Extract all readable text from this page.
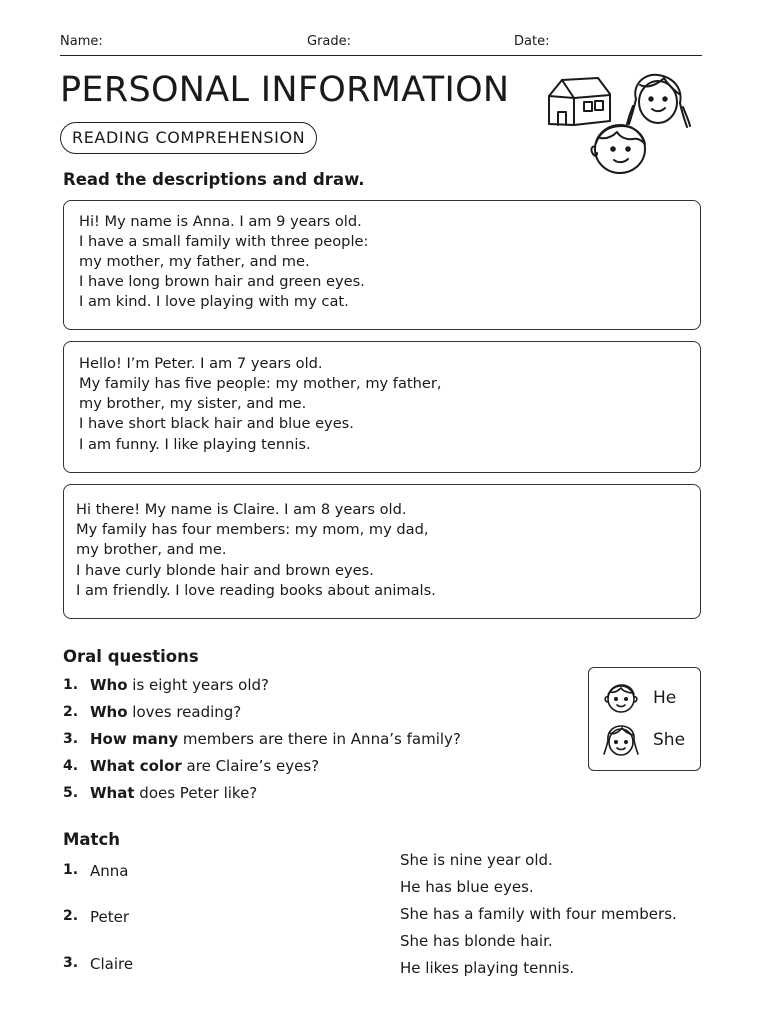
Name:	Grade:	Date:
PERSONAL INFORMATION
READING COMPREHENSION
Read the descriptions and draw.
Hi! My name is Anna. I am 9 years old.
I have a small family with three people:
my mother, my father, and me.
I have long brown hair and green eyes.
I am kind. I love playing with my cat.
Hello! I’m Peter. I am 7 years old.
My family has five people: my mother, my father,
my brother, my sister, and me.
I have short black hair and blue eyes.
I am funny. I like playing tennis.
Hi there! My name is Claire. I am 8 years old.
My family has four members: my mom, my dad,
my brother, and me.
I have curly blonde hair and brown eyes.
I am friendly. I love reading books about animals.
Oral questions
1. Who is eight years old?
2. Who loves reading?
3. How many members are there in Anna’s family?
4. What color are Claire’s eyes?
5. What does Peter like?
He
She
Match
1. Anna
2. Peter
3. Claire
She is nine year old.
He has blue eyes.
She has a family with four members.
She has blonde hair.
He likes playing tennis.
